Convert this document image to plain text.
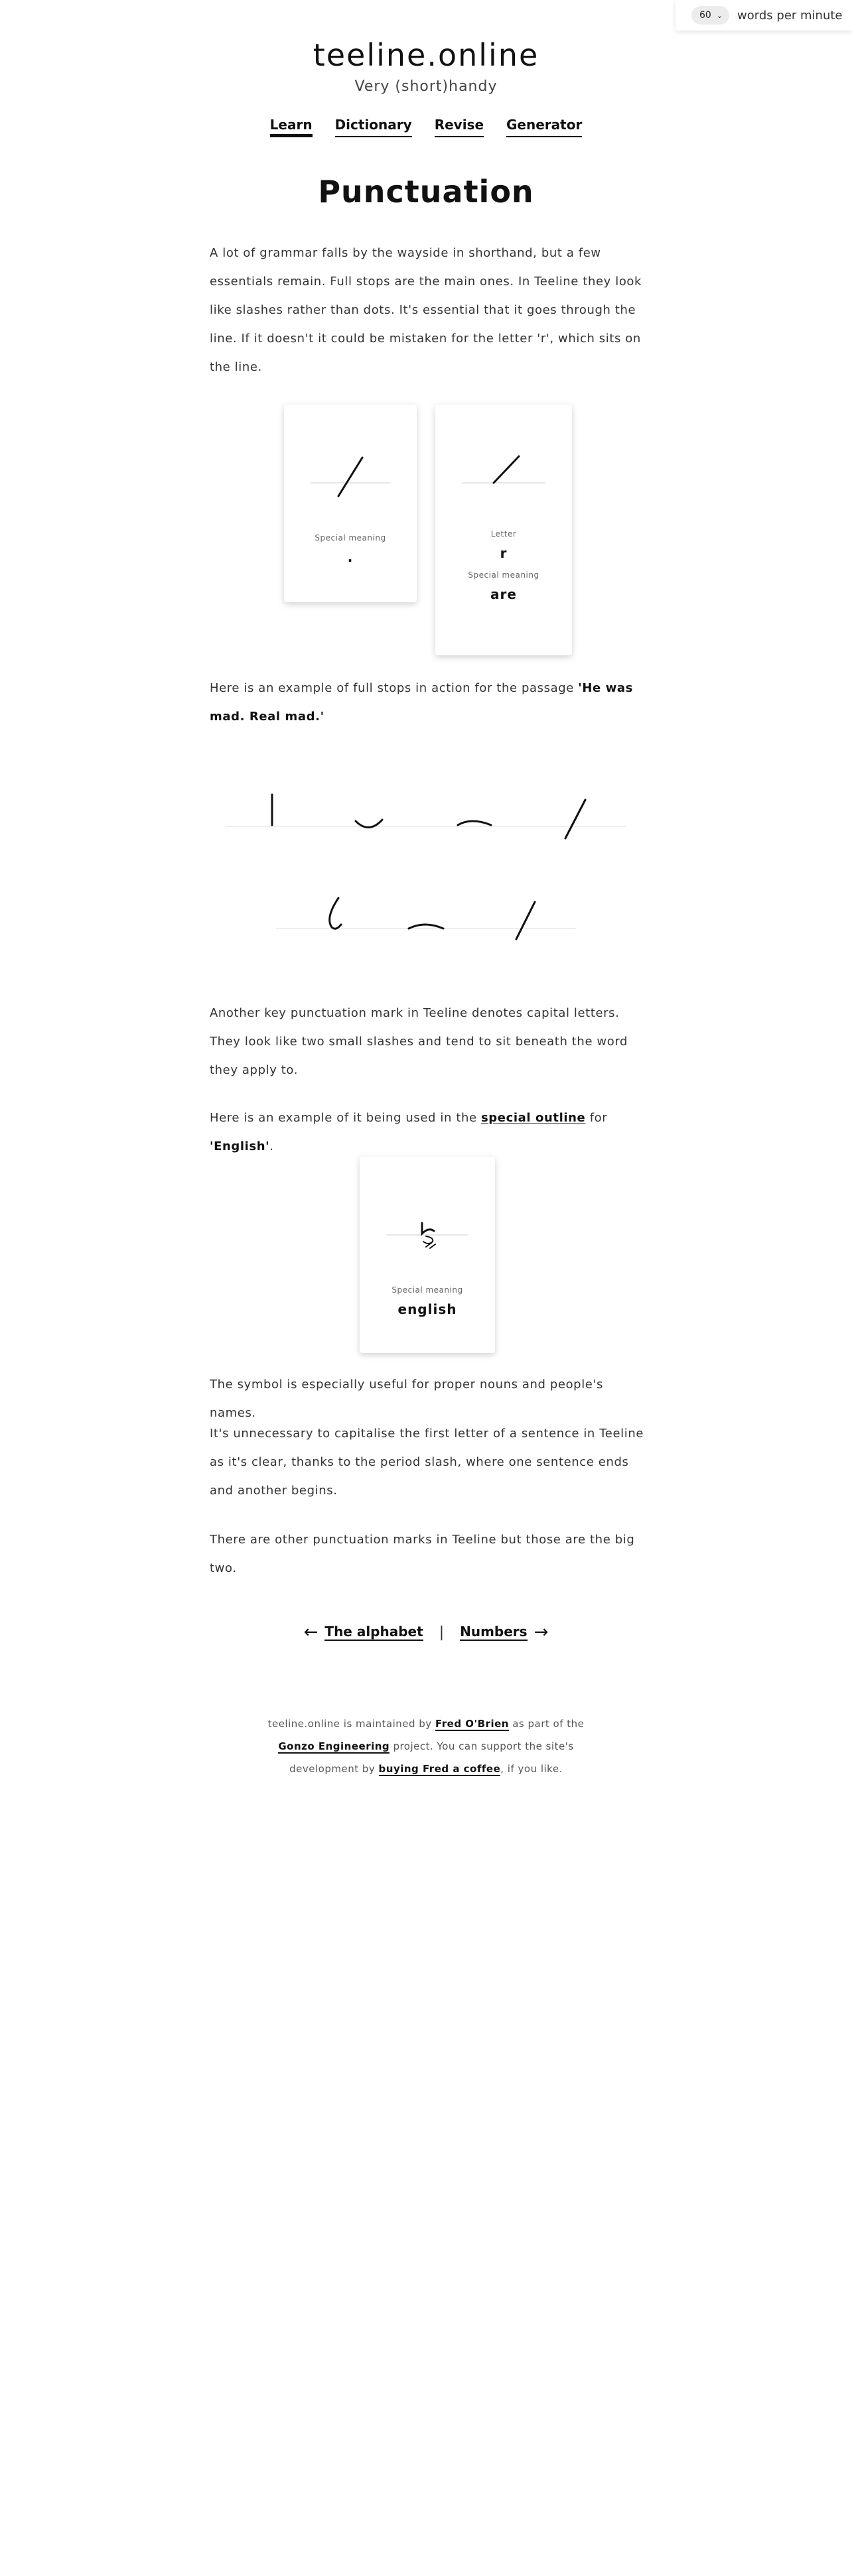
60 ⌄ words per minute
teeline.online
Very (short)handy
Learn Dictionary Revise Generator
Punctuation

A lot of grammar falls by the wayside in shorthand, but a few essentials remain. Full stops are the main ones. In Teeline they look like slashes rather than dots. It's essential that it goes through the line. If it doesn't it could be mistaken for the letter 'r', which sits on the line.

Special meaning
.
Letter
r
Special meaning
are

Here is an example of full stops in action for the passage 'He was mad. Real mad.'

Another key punctuation mark in Teeline denotes capital letters. They look like two small slashes and tend to sit beneath the word they apply to.

Here is an example of it being used in the special outline for 'English'.

Special meaning
english

The symbol is especially useful for proper nouns and people's names.

It's unnecessary to capitalise the first letter of a sentence in Teeline as it's clear, thanks to the period slash, where one sentence ends and another begins.

There are other punctuation marks in Teeline but those are the big two.

← The alphabet | Numbers →
teeline.online is maintained by Fred O'Brien as part of the Gonzo Engineering project. You can support the site's development by buying Fred a coffee, if you like.
